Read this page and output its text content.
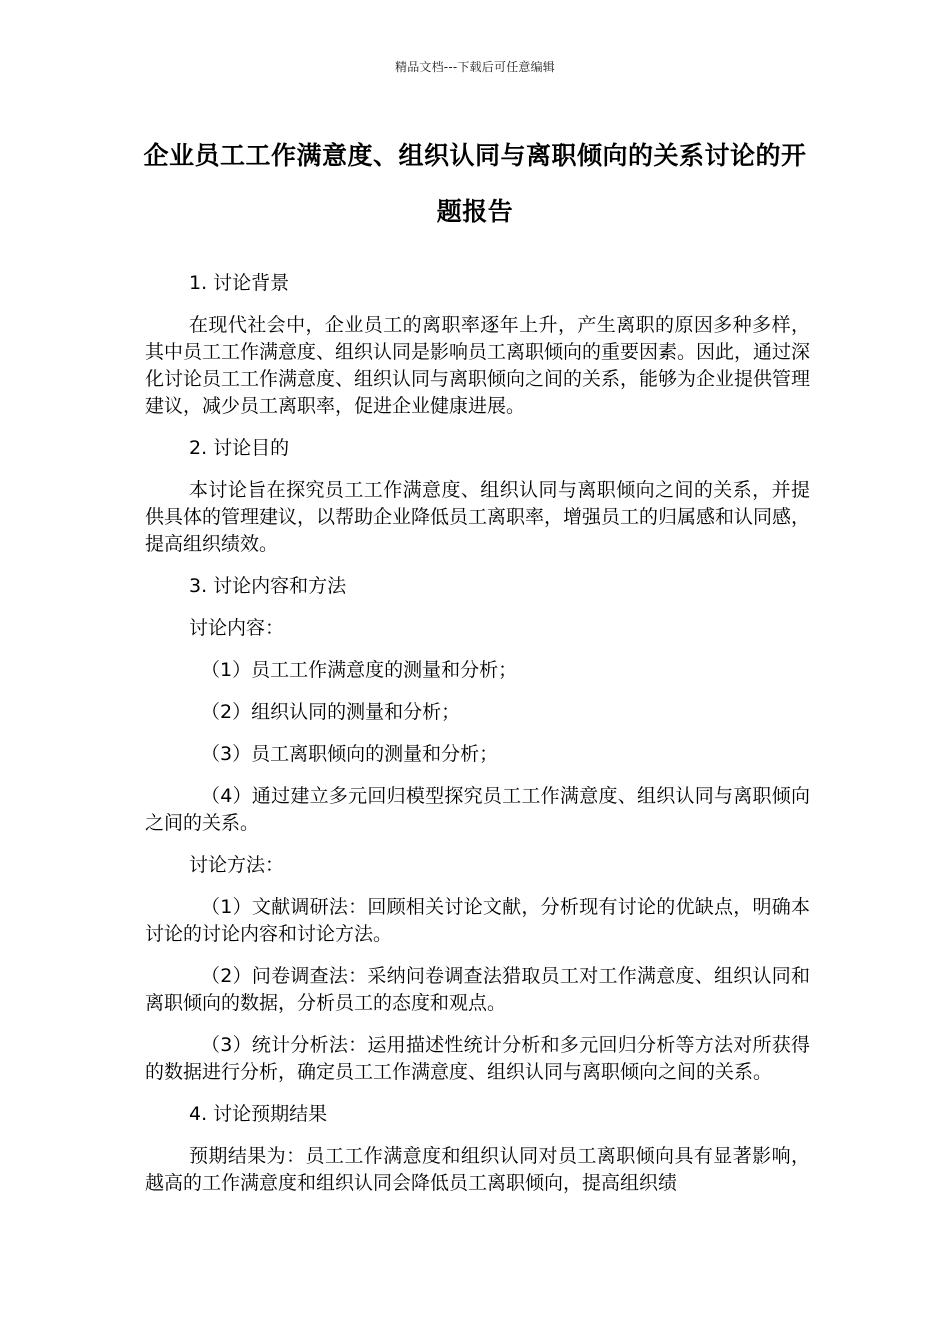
精品文档---下载后可任意编辑
企业员工工作满意度、组织认同与离职倾向的关系讨论的开题报告

1. 讨论背景

在现代社会中，企业员工的离职率逐年上升，产生离职的原因多种多样，其中员工工作满意度、组织认同是影响员工离职倾向的重要因素。因此，通过深化讨论员工工作满意度、组织认同与离职倾向之间的关系，能够为企业提供管理建议，减少员工离职率，促进企业健康进展。

2. 讨论目的

本讨论旨在探究员工工作满意度、组织认同与离职倾向之间的关系，并提供具体的管理建议，以帮助企业降低员工离职率，增强员工的归属感和认同感，提高组织绩效。

3. 讨论内容和方法

讨论内容：

（1）员工工作满意度的测量和分析；

（2）组织认同的测量和分析；

（3）员工离职倾向的测量和分析；

（4）通过建立多元回归模型探究员工工作满意度、组织认同与离职倾向之间的关系。

讨论方法：

（1）文献调研法：回顾相关讨论文献，分析现有讨论的优缺点，明确本讨论的讨论内容和讨论方法。

（2）问卷调查法：采纳问卷调查法猎取员工对工作满意度、组织认同和离职倾向的数据，分析员工的态度和观点。

（3）统计分析法：运用描述性统计分析和多元回归分析等方法对所获得的数据进行分析，确定员工工作满意度、组织认同与离职倾向之间的关系。

4. 讨论预期结果

预期结果为：员工工作满意度和组织认同对员工离职倾向具有显著影响，越高的工作满意度和组织认同会降低员工离职倾向，提高组织绩
